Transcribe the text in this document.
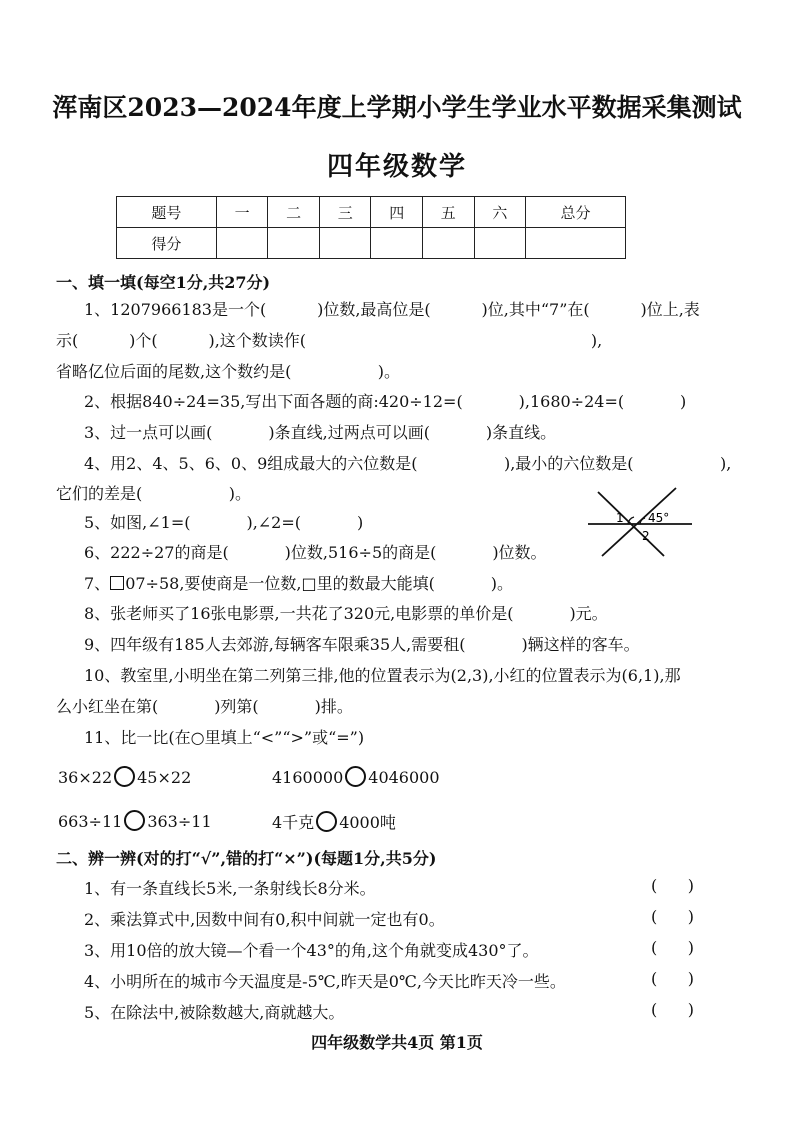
浑南区2023—2024年度上学期小学生学业水平数据采集测试
四年级数学
题号	一	二	三	四	五	六	总分
得分							
一、填一填(每空1分,共27分)
1、1207966183是一个(          )位数,最高位是(          )位,其中“7”在(          )位上,表
示(          )个(          ),这个数读作(                                                        ),
省略亿位后面的尾数,这个数约是(                 )。
2、根据840÷24=35,写出下面各题的商:420÷12=(           ),1680÷24=(           )
3、过一点可以画(           )条直线,过两点可以画(           )条直线。
4、用2、4、5、6、0、9组成最大的六位数是(                 ),最小的六位数是(                 ),
它们的差是(                 )。
5、如图,∠1=(           ),∠2=(           )	1 45°
2
6、222÷27的商是(           )位数,516÷5的商是(           )位数。
7、 07÷58,要使商是一位数,□里的数最大能填(           )。
8、张老师买了16张电影票,一共花了320元,电影票的单价是(           )元。
9、四年级有185人去郊游,每辆客车限乘35人,需要租(           )辆这样的客车。
10、教室里,小明坐在第二列第三排,他的位置表示为(2,3),小红的位置表示为(6,1),那
么小红坐在第(           )列第(           )排。
11、比一比(在○里填上“<”“>”或“=”)
36×22 45×22	4160000 4046000
663÷11 363÷11	4千克 4000吨
二、辨一辨(对的打“√”,错的打“×”)(每题1分,共5分)
1、有一条直线长5米,一条射线长8分米。	(      )
2、乘法算式中,因数中间有0,积中间就一定也有0。	(      )
3、用10倍的放大镜—个看一个43°的角,这个角就变成430°了。	(      )
4、小明所在的城市今天温度是-5℃,昨天是0℃,今天比昨天冷一些。	(      )
5、在除法中,被除数越大,商就越大。	(      )
四年级数学共4页 第1页
